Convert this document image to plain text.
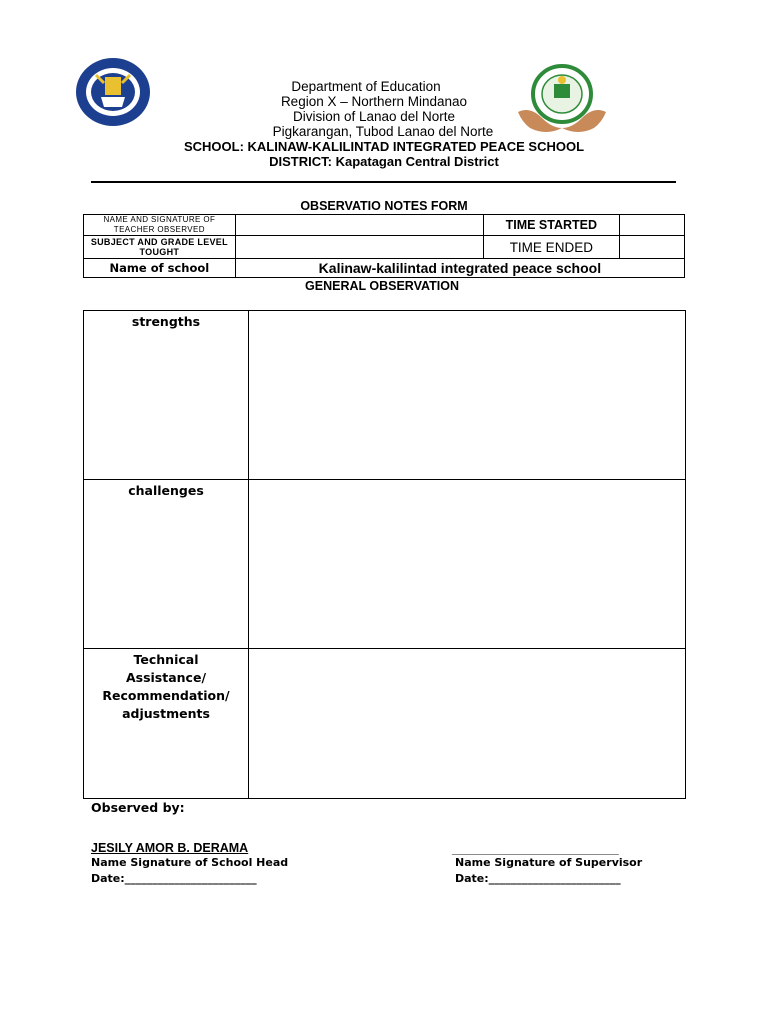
Department of Education
Region X – Northern Mindanao
Division of Lanao del Norte
Pigkarangan, Tubod Lanao del Norte
SCHOOL: KALINAW-KALILINTAD INTEGRATED PEACE SCHOOL
DISTRICT: Kapatagan Central District
OBSERVATIO NOTES FORM
NAME AND SIGNATURE OF TEACHER OBSERVED		TIME STARTED	
SUBJECT AND GRADE LEVEL TOUGHT		TIME ENDED	
Name of school	Kalinaw-kalilintad integrated peace school		
GENERAL OBSERVATION
strengths	
challenges	

Technical
Assistance/
Recommendation/
adjustments	

Observed by:
JESILY AMOR B. DERAMA
Name Signature of School Head
Date:________________________
_________________________
Name Signature of Supervisor
Date:________________________
